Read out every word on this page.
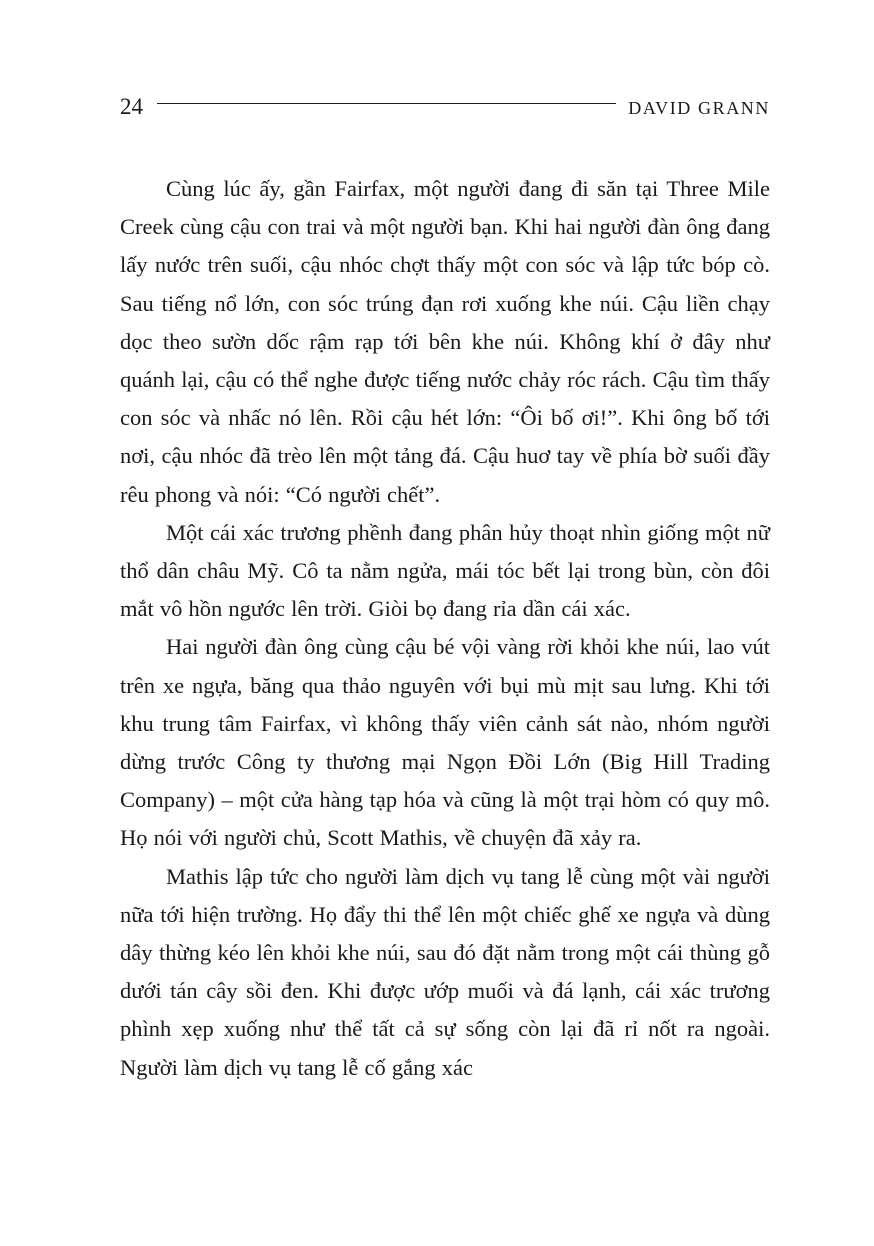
24	DAVID GRANN

Cùng lúc ấy, gần Fairfax, một người đang đi săn tại Three Mile Creek cùng cậu con trai và một người bạn. Khi hai người đàn ông đang lấy nước trên suối, cậu nhóc chợt thấy một con sóc và lập tức bóp cò. Sau tiếng nổ lớn, con sóc trúng đạn rơi xuống khe núi. Cậu liền chạy dọc theo sườn dốc rậm rạp tới bên khe núi. Không khí ở đây như quánh lại, cậu có thể nghe được tiếng nước chảy róc rách. Cậu tìm thấy con sóc và nhấc nó lên. Rồi cậu hét lớn: “Ôi bố ơi!”. Khi ông bố tới nơi, cậu nhóc đã trèo lên một tảng đá. Cậu huơ tay về phía bờ suối đầy rêu phong và nói: “Có người chết”.

Một cái xác trương phềnh đang phân hủy thoạt nhìn giống một nữ thổ dân châu Mỹ. Cô ta nằm ngửa, mái tóc bết lại trong bùn, còn đôi mắt vô hồn ngước lên trời. Giòi bọ đang rỉa dần cái xác.

Hai người đàn ông cùng cậu bé vội vàng rời khỏi khe núi, lao vút trên xe ngựa, băng qua thảo nguyên với bụi mù mịt sau lưng. Khi tới khu trung tâm Fairfax, vì không thấy viên cảnh sát nào, nhóm người dừng trước Công ty thương mại Ngọn Đồi Lớn (Big Hill Trading Company) – một cửa hàng tạp hóa và cũng là một trại hòm có quy mô. Họ nói với người chủ, Scott Mathis, về chuyện đã xảy ra.

Mathis lập tức cho người làm dịch vụ tang lễ cùng một vài người nữa tới hiện trường. Họ đẩy thi thể lên một chiếc ghế xe ngựa và dùng dây thừng kéo lên khỏi khe núi, sau đó đặt nằm trong một cái thùng gỗ dưới tán cây sồi đen. Khi được ướp muối và đá lạnh, cái xác trương phình xẹp xuống như thể tất cả sự sống còn lại đã rỉ nốt ra ngoài. Người làm dịch vụ tang lễ cố gắng xác
